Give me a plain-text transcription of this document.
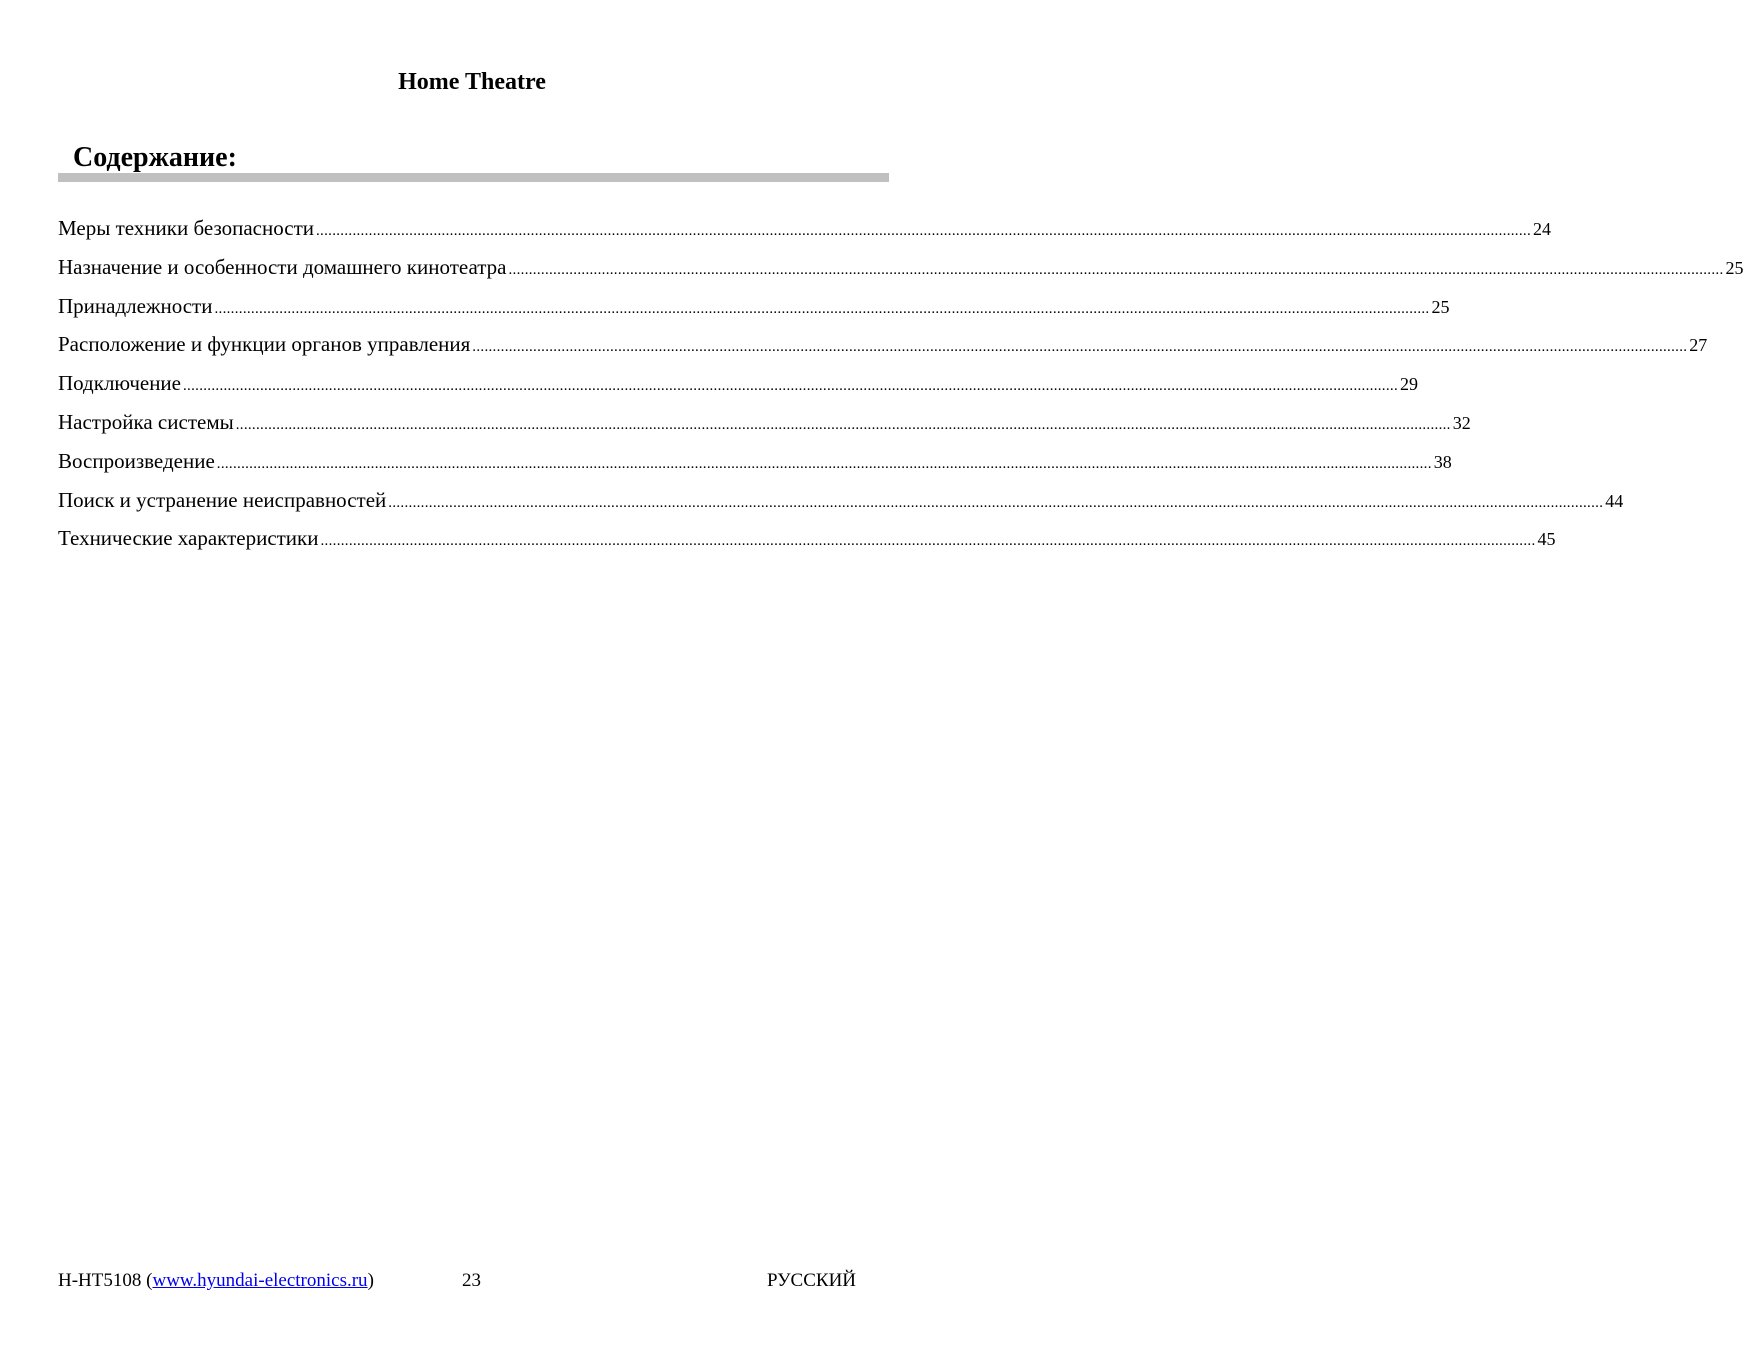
Home Theatre
Содержание:
Меры техники безопасности ............................................................................................................................................................................................................................................................................................................ 24
Назначение и особенности домашнего кинотеатра ............................................................................................................................................................................................................................................................................................................ 25
Принадлежности ............................................................................................................................................................................................................................................................................................................ 25
Расположение и функции органов управления ............................................................................................................................................................................................................................................................................................................ 27
Подключение ............................................................................................................................................................................................................................................................................................................ 29
Настройка системы ............................................................................................................................................................................................................................................................................................................ 32
Воспроизведение ............................................................................................................................................................................................................................................................................................................ 38
Поиск и устранение неисправностей ............................................................................................................................................................................................................................................................................................................ 44
Технические характеристики ............................................................................................................................................................................................................................................................................................................ 45
H-HT5108 (www.hyundai-electronics.ru)	23	РУССКИЙ
